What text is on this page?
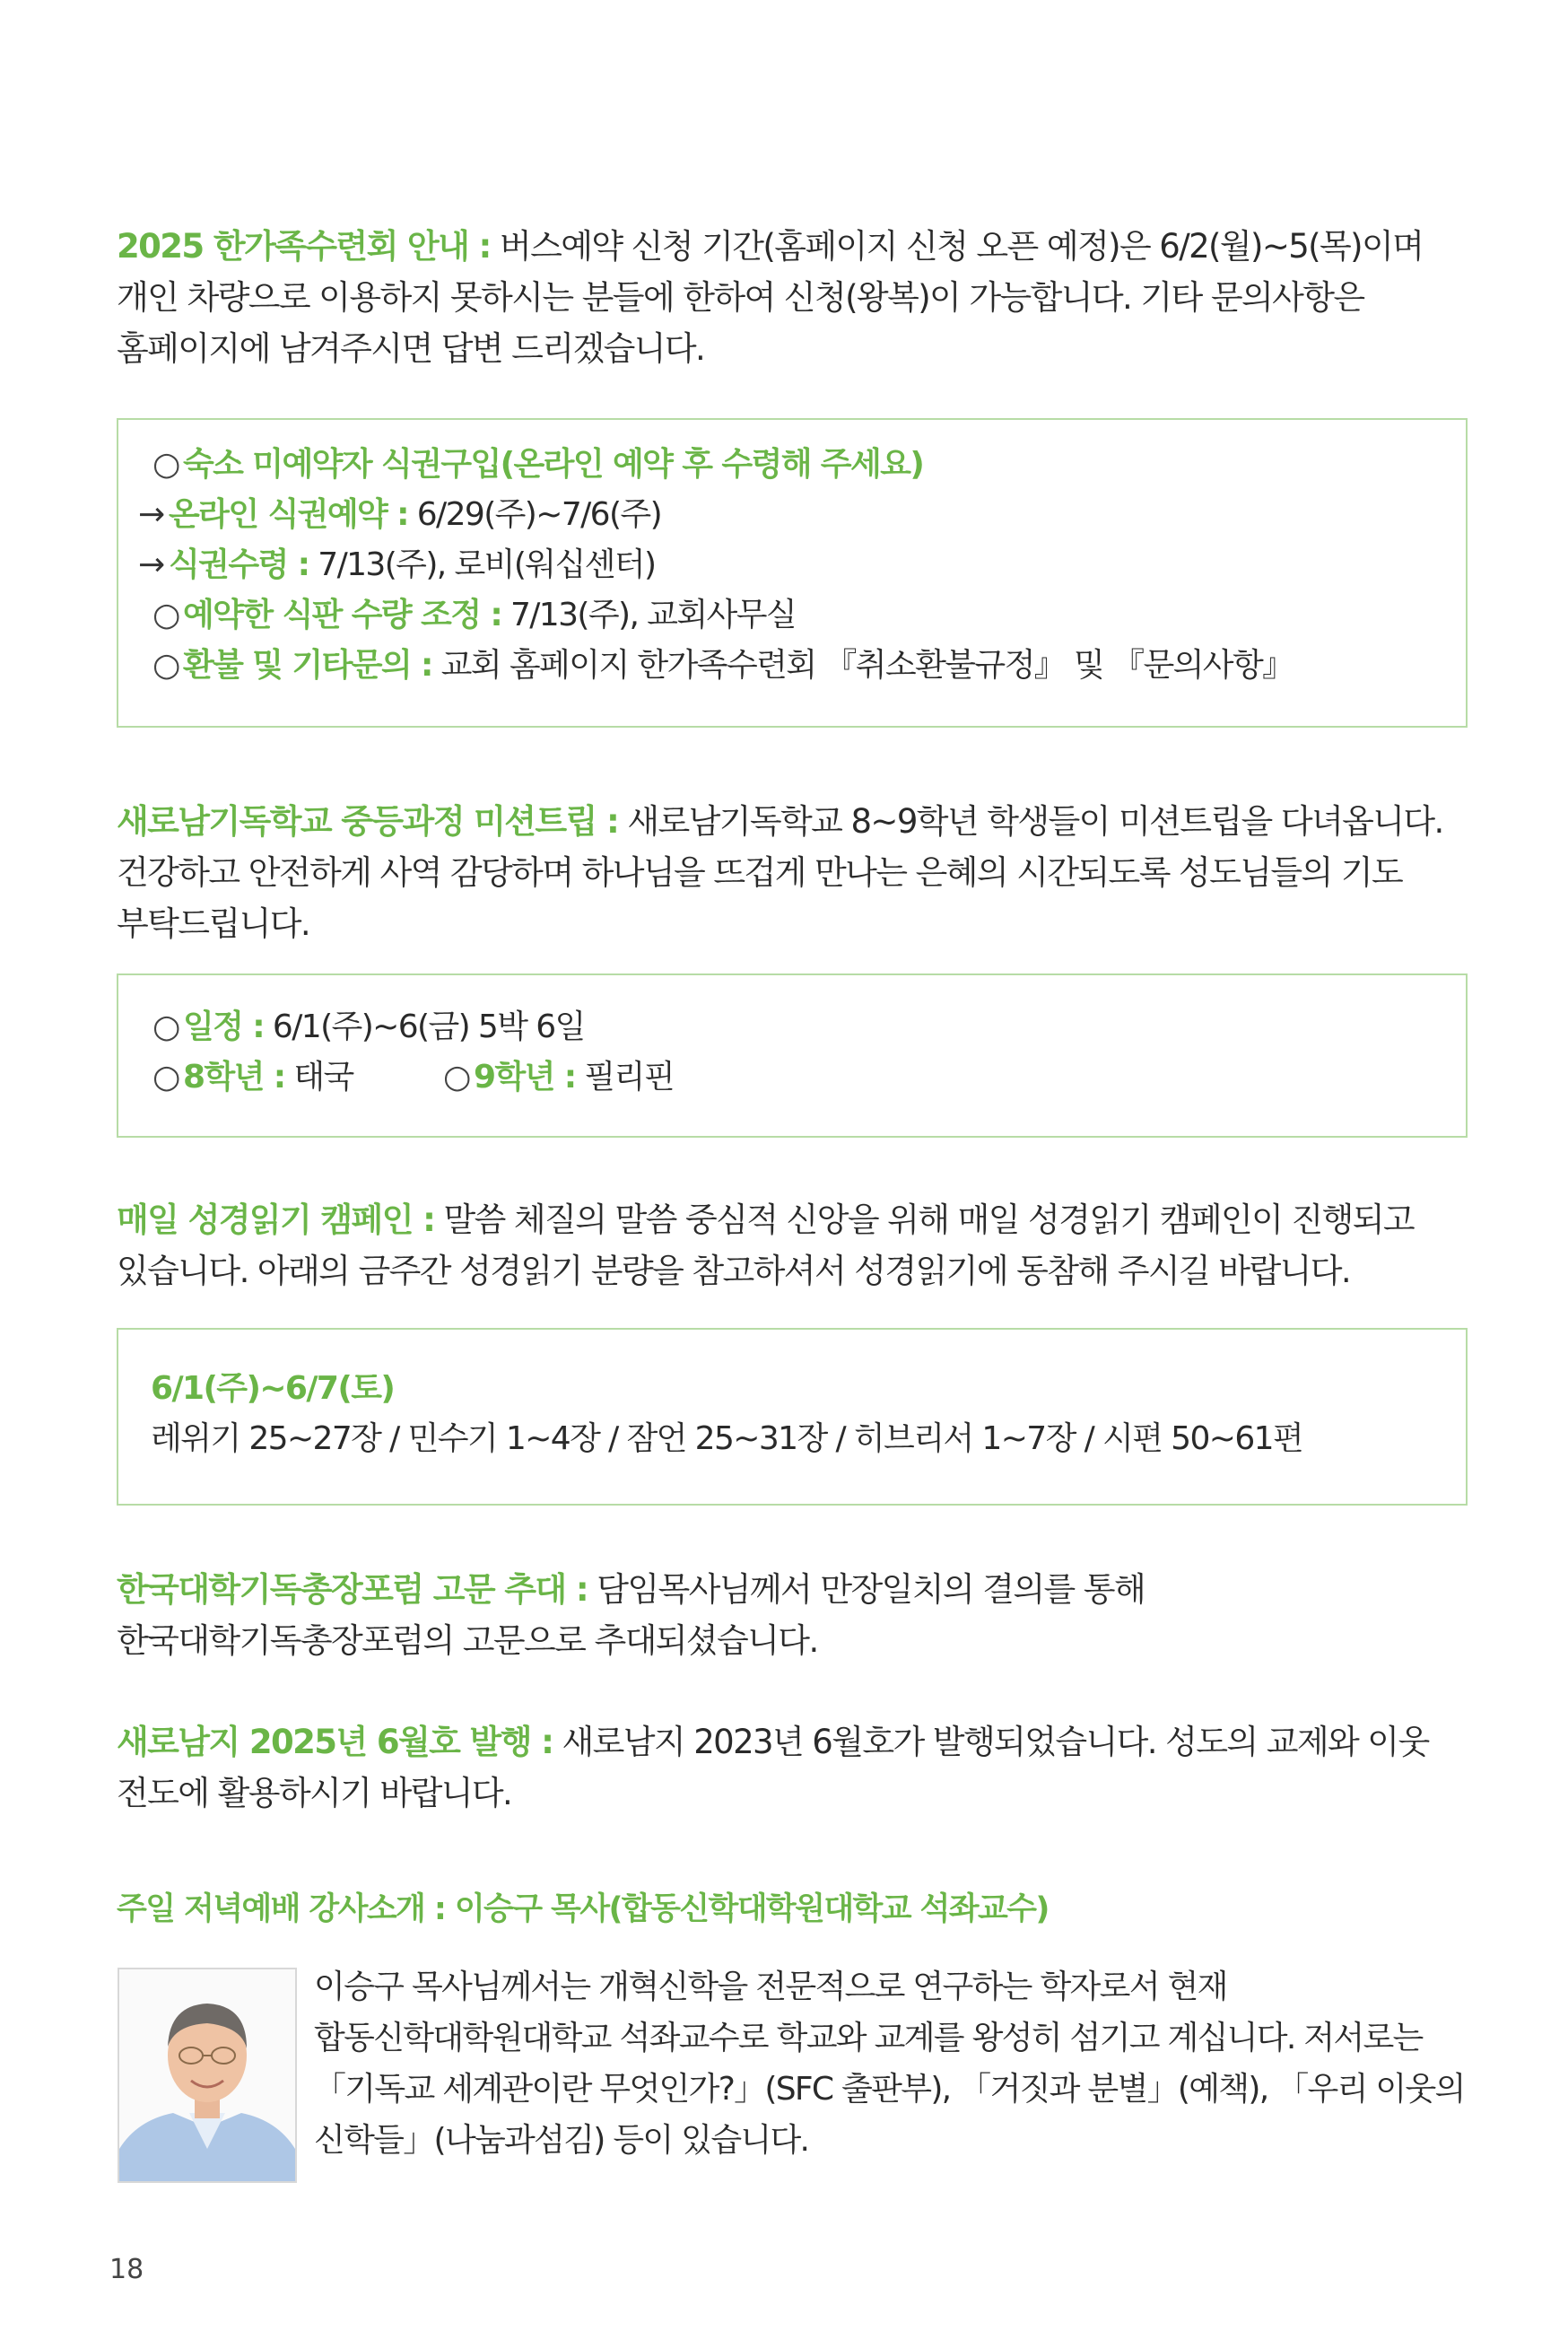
2025 한가족수련회 안내 : 버스예약 신청 기간(홈페이지 신청 오픈 예정)은 6/2(월)~5(목)이며 개인 차량으로 이용하지 못하시는 분들에 한하여 신청(왕복)이 가능합니다. 기타 문의사항은 홈페이지에 남겨주시면 답변 드리겠습니다.

○ 숙소 미예약자 식권구입(온라인 예약 후 수령해 주세요)
→ 온라인 식권예약 : 6/29(주)~7/6(주)
→ 식권수령 : 7/13(주), 로비(워십센터)
○ 예약한 식판 수량 조정 : 7/13(주), 교회사무실
○ 환불 및 기타문의 : 교회 홈페이지 한가족수련회 『취소환불규정』 및 『문의사항』

새로남기독학교 중등과정 미션트립 : 새로남기독학교 8~9학년 학생들이 미션트립을 다녀옵니다. 건강하고 안전하게 사역 감당하며 하나님을 뜨겁게 만나는 은혜의 시간되도록 성도님들의 기도 부탁드립니다.

○ 일정 : 6/1(주)~6(금) 5박 6일
○ 8학년 : 태국	○ 9학년 : 필리핀

매일 성경읽기 캠페인 : 말씀 체질의 말씀 중심적 신앙을 위해 매일 성경읽기 캠페인이 진행되고 있습니다. 아래의 금주간 성경읽기 분량을 참고하셔서 성경읽기에 동참해 주시길 바랍니다.

6/1(주)~6/7(토)
레위기 25~27장 / 민수기 1~4장 / 잠언 25~31장 / 히브리서 1~7장 / 시편 50~61편

한국대학기독총장포럼 고문 추대 : 담임목사님께서 만장일치의 결의를 통해 한국대학기독총장포럼의 고문으로 추대되셨습니다.

새로남지 2025년 6월호 발행 : 새로남지 2023년 6월호가 발행되었습니다. 성도의 교제와 이웃 전도에 활용하시기 바랍니다.

주일 저녁예배 강사소개 : 이승구 목사(합동신학대학원대학교 석좌교수)

이승구 목사님께서는 개혁신학을 전문적으로 연구하는 학자로서 현재 합동신학대학원대학교 석좌교수로 학교와 교계를 왕성히 섬기고 계십니다. 저서로는 「기독교 세계관이란 무엇인가?」(SFC 출판부), 「거짓과 분별」(예책), 「우리 이웃의 신학들」(나눔과섬김) 등이 있습니다.

18
